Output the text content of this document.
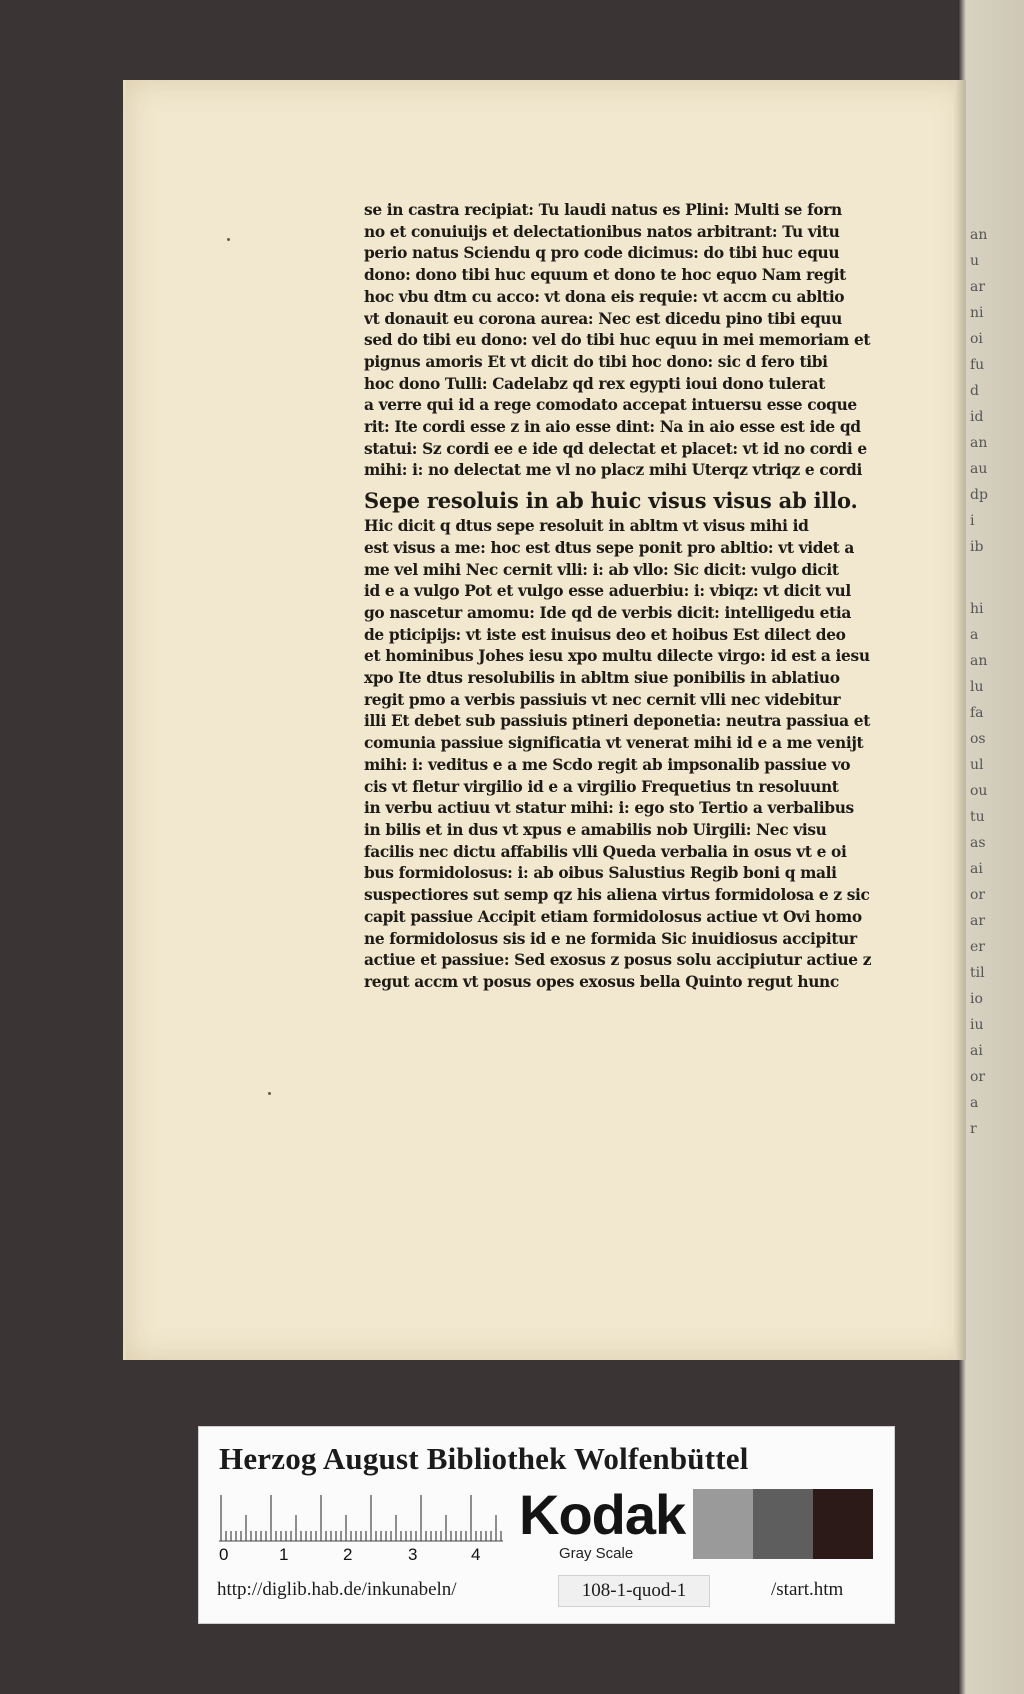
an
u
ar
ni
oi
fu
d
id
an
au
dp
i
ib
hi
a
an
lu
fa
os
ul
ou
tu
as
ai
or
ar
er
til
io
iu
ai
or
a
r
se in castra recipiat: Tu laudi natus es Plini: Multi se forn
no et conuiuijs et delectationibus natos arbitrant: Tu vitu
perio natus Sciendu q pro code dicimus: do tibi huc equu
dono: dono tibi huc equum et dono te hoc equo Nam regit
hoc vbu dtm cu acco: vt dona eis requie: vt accm cu abltio
vt donauit eu corona aurea: Nec est dicedu pino tibi equu
sed do tibi eu dono: vel do tibi huc equu in mei memoriam et
pignus amoris Et vt dicit do tibi hoc dono: sic d fero tibi
hoc dono Tulli: Cadelabz qd rex egypti ioui dono tulerat
a verre qui id a rege comodato accepat intuersu esse coque
rit: Ite cordi esse z in aio esse dint: Na in aio esse est ide qd
statui: Sz cordi ee e ide qd delectat et placet: vt id no cordi e
mihi: i: no delectat me vl no placz mihi Uterqz vtriqz e cordi
Sepe resoluis in ab huic visus visus ab illo.
Hic dicit q dtus sepe resoluit in abltm vt visus mihi id
est visus a me: hoc est dtus sepe ponit pro abltio: vt videt a
me vel mihi Nec cernit vlli: i: ab vllo: Sic dicit: vulgo dicit
id e a vulgo Pot et vulgo esse aduerbiu: i: vbiqz: vt dicit vul
go nascetur amomu: Ide qd de verbis dicit: intelligedu etia
de pticipijs: vt iste est inuisus deo et hoibus Est dilect deo
et hominibus Johes iesu xpo multu dilecte virgo: id est a iesu
xpo Ite dtus resolubilis in abltm siue ponibilis in ablatiuo
regit pmo a verbis passiuis vt nec cernit vlli nec videbitur
illi Et debet sub passiuis ptineri deponetia: neutra passiua et
comunia passiue significatia vt venerat mihi id e a me venijt
mihi: i: veditus e a me Scdo regit ab impsonalib passiue vo
cis vt fletur virgilio id e a virgilio Frequetius tn resoluunt
in verbu actiuu vt statur mihi: i: ego sto Tertio a verbalibus
in bilis et in dus vt xpus e amabilis nob Uirgili: Nec visu
facilis nec dictu affabilis vlli Queda verbalia in osus vt e oi
bus formidolosus: i: ab oibus Salustius Regib boni q mali
suspectiores sut semp qz his aliena virtus formidolosa e z sic
capit passiue Accipit etiam formidolosus actiue vt Ovi homo
ne formidolosus sis id e ne formida Sic inuidiosus accipitur
actiue et passiue: Sed exosus z posus solu accipiutur actiue z
regut accm vt posus opes exosus bella Quinto regut hunc
Herzog August Bibliothek Wolfenbüttel
0	1	2	3	4
Kodak
Gray Scale
http://diglib.hab.de/inkunabeln/	108-1-quod-1	/start.htm
